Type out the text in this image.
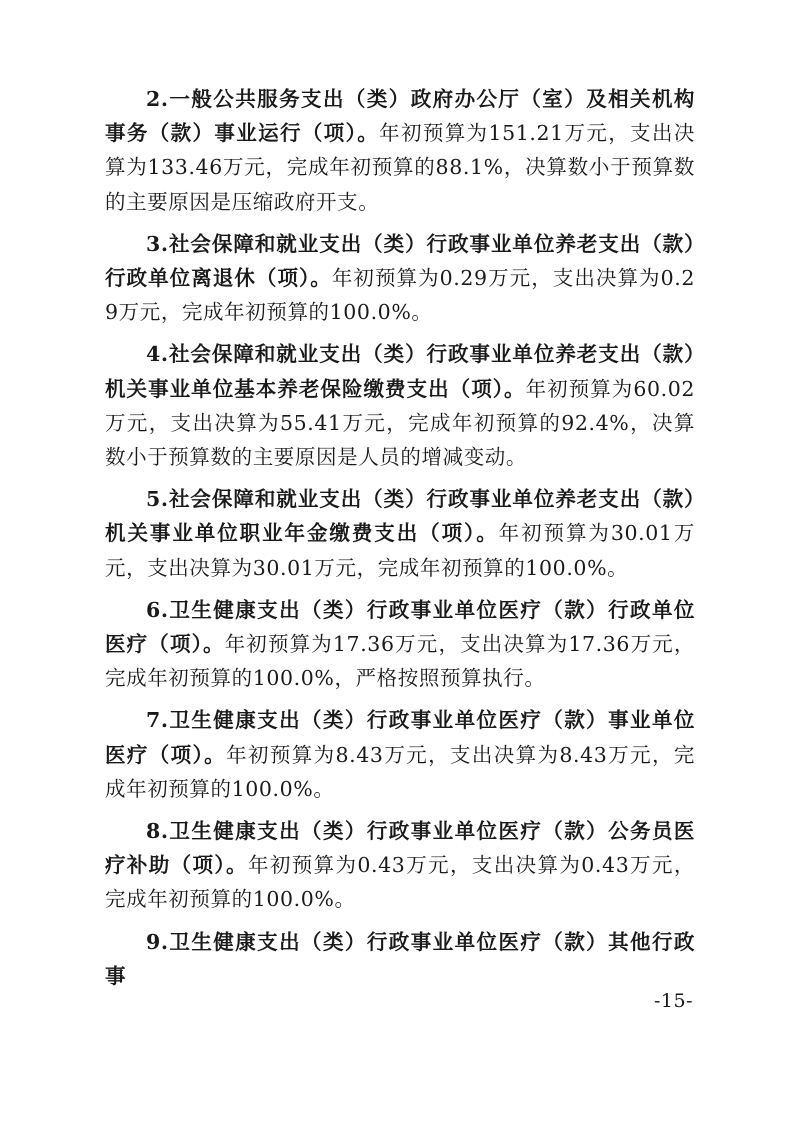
2.一般公共服务支出（类）政府办公厅（室）及相关机构事务（款）事业运行（项）。年初预算为151.21万元，支出决算为133.46万元，完成年初预算的88.1%，决算数小于预算数的主要原因是压缩政府开支。

3.社会保障和就业支出（类）行政事业单位养老支出（款）行政单位离退休（项）。年初预算为0.29万元，支出决算为0.29万元，完成年初预算的100.0%。

4.社会保障和就业支出（类）行政事业单位养老支出（款）机关事业单位基本养老保险缴费支出（项）。年初预算为60.02万元，支出决算为55.41万元，完成年初预算的92.4%，决算数小于预算数的主要原因是人员的增减变动。

5.社会保障和就业支出（类）行政事业单位养老支出（款）机关事业单位职业年金缴费支出（项）。年初预算为30.01万元，支出决算为30.01万元，完成年初预算的100.0%。

6.卫生健康支出（类）行政事业单位医疗（款）行政单位医疗（项）。年初预算为17.36万元，支出决算为17.36万元，完成年初预算的100.0%，严格按照预算执行。

7.卫生健康支出（类）行政事业单位医疗（款）事业单位医疗（项）。年初预算为8.43万元，支出决算为8.43万元，完成年初预算的100.0%。

8.卫生健康支出（类）行政事业单位医疗（款）公务员医疗补助（项）。年初预算为0.43万元，支出决算为0.43万元，完成年初预算的100.0%。

9.卫生健康支出（类）行政事业单位医疗（款）其他行政事

-15-
